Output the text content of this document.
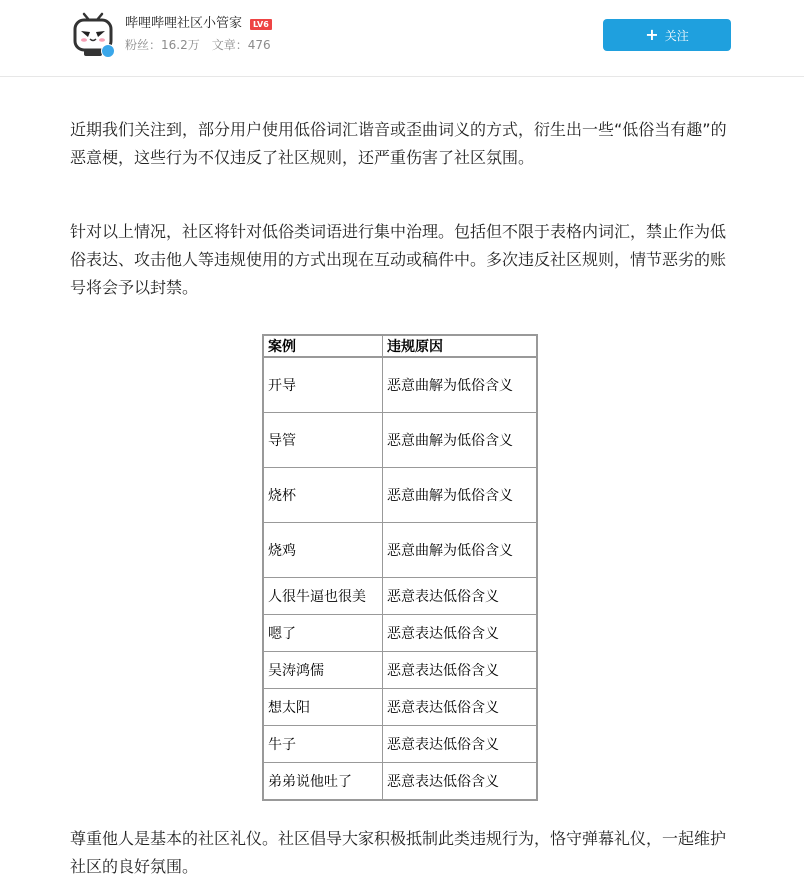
哔哩哔哩社区小管家	LV6
粉丝：16.2万 文章：476
+ 关注

近期我们关注到，部分用户使用低俗词汇谐音或歪曲词义的方式，衍生出一些“低俗当有趣”的恶意梗，这些行为不仅违反了社区规则，还严重伤害了社区氛围。

针对以上情况，社区将针对低俗类词语进行集中治理。包括但不限于表格内词汇，禁止作为低俗表达、攻击他人等违规使用的方式出现在互动或稿件中。多次违反社区规则，情节恶劣的账号将会予以封禁。

案例	违规原因
开导	恶意曲解为低俗含义
导管	恶意曲解为低俗含义
烧杯	恶意曲解为低俗含义
烧鸡	恶意曲解为低俗含义
人很牛逼也很美	恶意表达低俗含义
嗯了	恶意表达低俗含义
吴涛鸿儒	恶意表达低俗含义
想太阳	恶意表达低俗含义
牛子	恶意表达低俗含义
弟弟说他吐了	恶意表达低俗含义

尊重他人是基本的社区礼仪。社区倡导大家积极抵制此类违规行为，恪守弹幕礼仪，一起维护社区的良好氛围。
